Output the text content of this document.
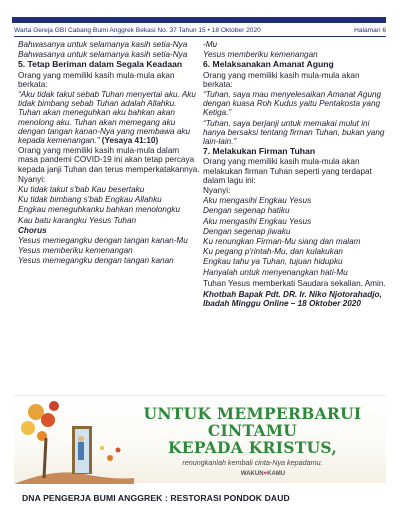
Warta Gereja GBI Cabang Bumi Anggrek Bekasi No. 37 Tahun 15 • 18 Oktober 2020	Halaman 6

Bahwasanya untuk selamanya kasih setia-Nya

Bahwasanya untuk selamanya kasih setia-Nya

5. Tetap Beriman dalam Segala Keadaan

Orang yang memiliki kasih mula-mula akan berkata:

“Aku tidak takut sebab Tuhan menyertai aku. Aku tidak bimbang sebab Tuhan adalah Allahku. Tuhan akan meneguhkan aku bahkan akan menolong aku. Tuhan akan memegang aku dengan tangan kanan-Nya yang membawa aku kepada kemenangan.” (Yesaya 41:10)

Orang yang memiliki kasih mula-mula dalam masa pandemi COVID-19 ini akan tetap percaya kepada janji Tuhan dan terus memperkatakannya.

Nyanyi:

Ku tidak takut s'bab Kau besertaku

Ku tidak bimbang s'bab Engkau Allahku

Engkau meneguhkanku bahkan menolongku

Kau batu karangku Yesus Tuhan

Chorus

Yesus memegangku dengan tangan kanan-Mu

Yesus memberiku kemenangan

Yesus memegangku dengan tangan kanan

-Mu

Yesus memberiku kemenangan

6. Melaksanakan Amanat Agung

Orang yang memiliki kasih mula-mula akan berkata:

“Tuhan, saya mau menyelesaikan Amanat Agung dengan kuasa Roh Kudus yaitu Pentakosta yang Ketiga.”

“Tuhan, saya berjanji untuk memakai mulut ini hanya bersaksi tentang firman Tuhan, bukan yang lain-lain.”

7. Melakukan Firman Tuhan

Orang yang memiliki kasih mula-mula akan melakukan firman Tuhan seperti yang terdapat dalam lagu ini:

Nyanyi:

Aku mengasihi Engkau Yesus

Dengan segenap hatiku

Aku mengasihi Engkau Yesus

Dengan segenap jiwaku

Ku renungkan Firman-Mu siang dan malam

Ku pegang p'rintah-Mu, dan kulakukan

Engkau tahu ya Tuhan, tujuan hidupku

Hanyalah untuk menyenangkan hati-Mu

Tuhan Yesus memberkati Saudara sekalian. Amin.

Khotbah Bapak Pdt. DR. Ir. Niko Njotorahadjo, Ibadah Minggu Online – 18 Oktober 2020

UNTUK MEMPERBARUI
CINTAMU
KEPADA KRISTUS,
renungkanlah kembali cinta-Nya kepadamu.
WAKUN♥KAMU
DNA PENGERJA BUMI ANGGREK : RESTORASI PONDOK DAUD
